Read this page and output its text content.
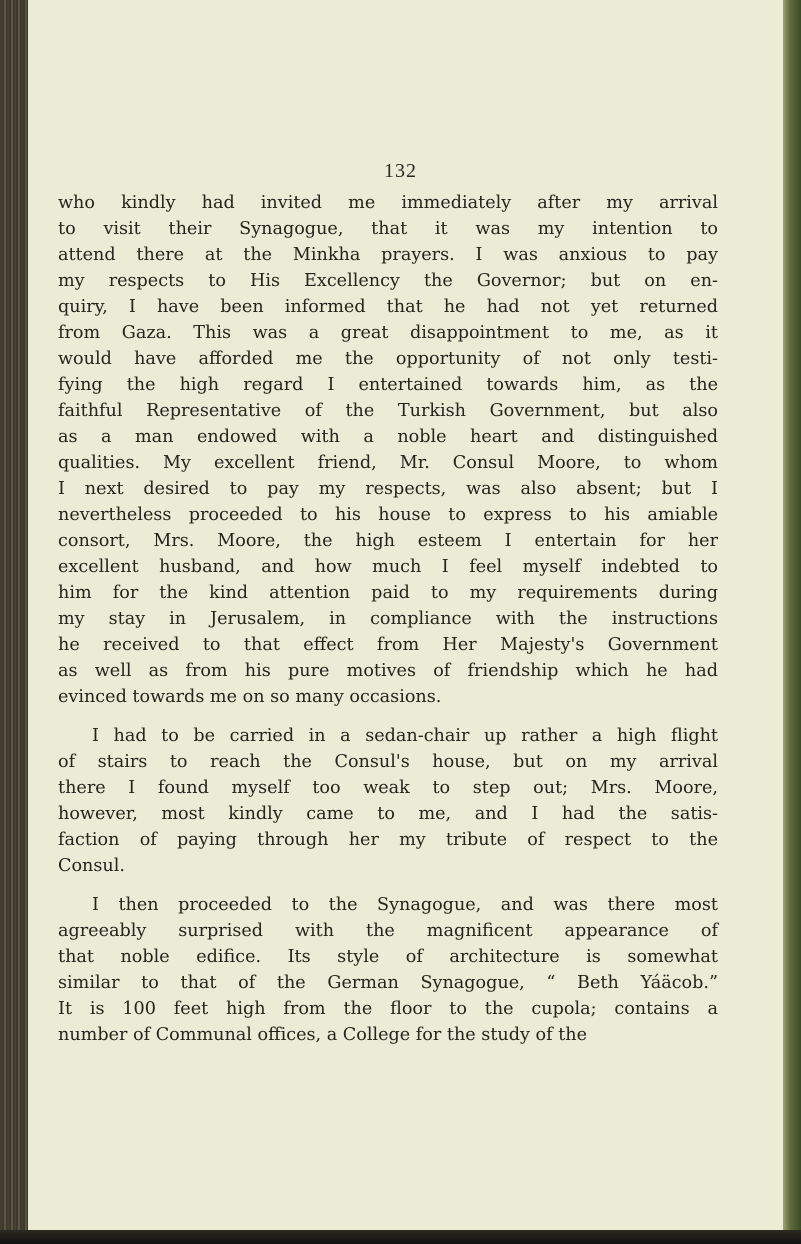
132
who kindly had invited me immediately after my arrival
to visit their Synagogue, that it was my intention to
attend there at the Minkha prayers. I was anxious to pay
my respects to His Excellency the Governor; but on en-
quiry, I have been informed that he had not yet returned
from Gaza. This was a great disappointment to me, as it
would have afforded me the opportunity of not only testi-
fying the high regard I entertained towards him, as the
faithful Representative of the Turkish Government, but also
as a man endowed with a noble heart and distinguished
qualities. My excellent friend, Mr. Consul Moore, to whom
I next desired to pay my respects, was also absent; but I
nevertheless proceeded to his house to express to his amiable
consort, Mrs. Moore, the high esteem I entertain for her
excellent husband, and how much I feel myself indebted to
him for the kind attention paid to my requirements during
my stay in Jerusalem, in compliance with the instructions
he received to that effect from Her Majesty's Government
as well as from his pure motives of friendship which he had
evinced towards me on so many occasions.
I had to be carried in a sedan-chair up rather a high flight
of stairs to reach the Consul's house, but on my arrival
there I found myself too weak to step out; Mrs. Moore,
however, most kindly came to me, and I had the satis-
faction of paying through her my tribute of respect to the
Consul.
I then proceeded to the Synagogue, and was there most
agreeably surprised with the magnificent appearance of
that noble edifice. Its style of architecture is somewhat
similar to that of the German Synagogue, “ Beth Yáäcob.”
It is 100 feet high from the floor to the cupola; contains a
number of Communal offices, a College for the study of the
